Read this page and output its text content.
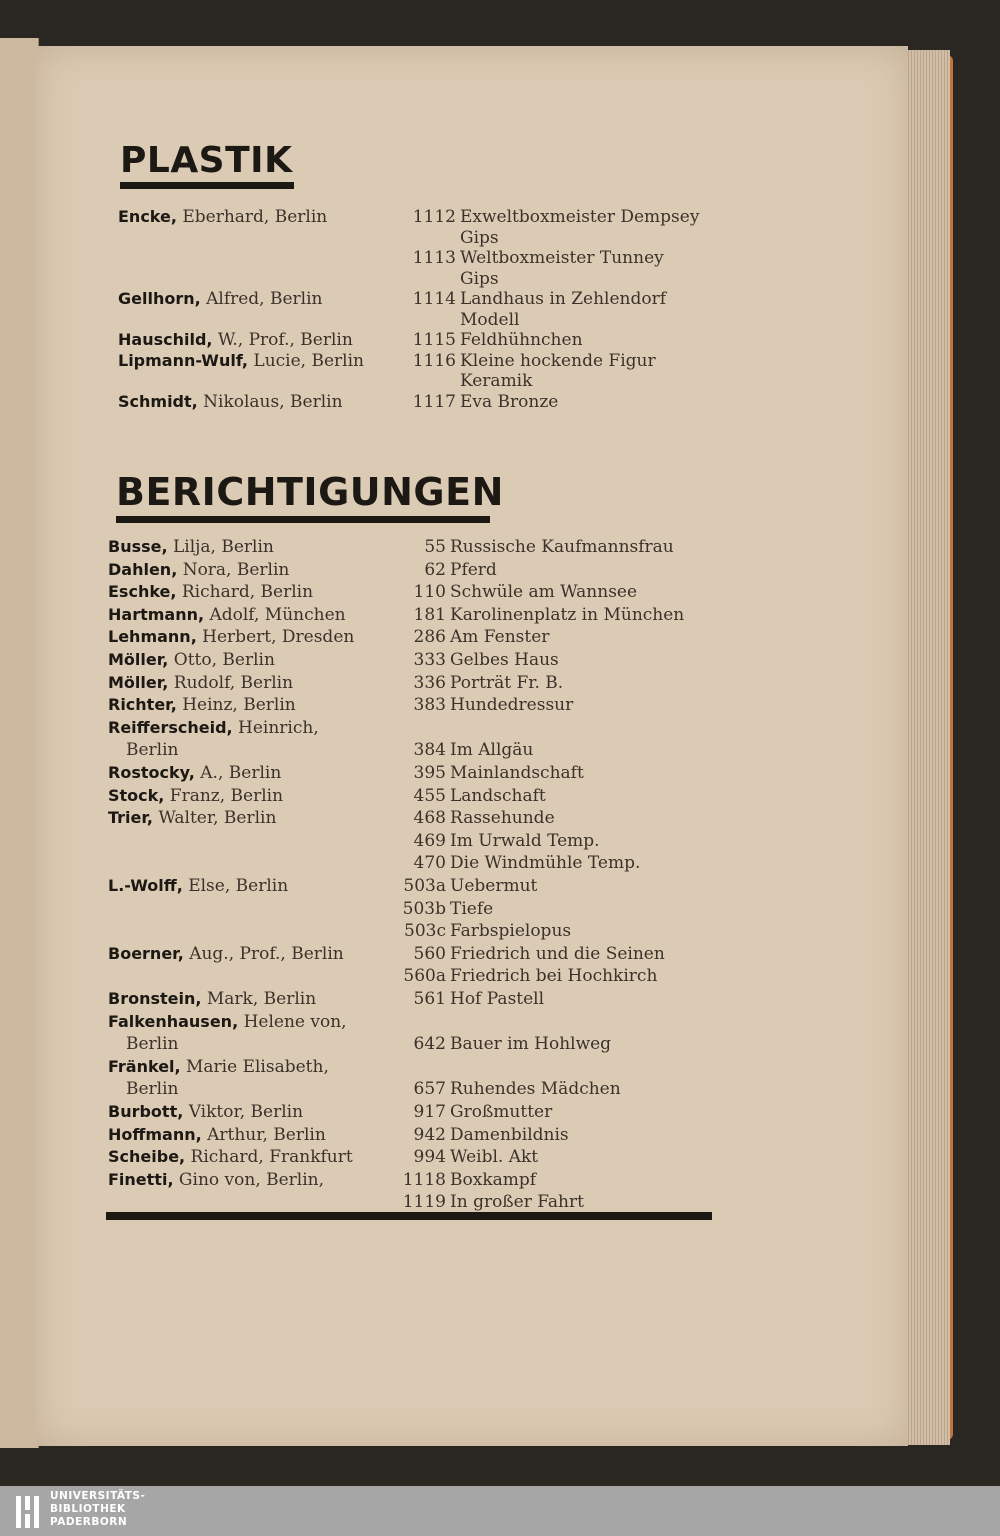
PLASTIK
Encke, Eberhard, Berlin	1112 Exweltboxmeister Dempsey
Gips
1113 Weltboxmeister Tunney
Gips
Gellhorn, Alfred, Berlin	1114 Landhaus in Zehlendorf
Modell
Hauschild, W., Prof., Berlin	1115 Feldhühnchen
Lipmann-Wulf, Lucie, Berlin	1116 Kleine hockende Figur
Keramik
Schmidt, Nikolaus, Berlin	1117 Eva Bronze
BERICHTIGUNGEN
Busse, Lilja, Berlin	55 Russische Kaufmannsfrau
Dahlen, Nora, Berlin	62 Pferd
Eschke, Richard, Berlin	110 Schwüle am Wannsee
Hartmann, Adolf, München	181 Karolinenplatz in München
Lehmann, Herbert, Dresden	286 Am Fenster
Möller, Otto, Berlin	333 Gelbes Haus
Möller, Rudolf, Berlin	336 Porträt Fr. B.
Richter, Heinz, Berlin	383 Hundedressur
Reifferscheid, Heinrich,
Berlin	384 Im Allgäu
Rostocky, A., Berlin	395 Mainlandschaft
Stock, Franz, Berlin	455 Landschaft
Trier, Walter, Berlin	468 Rassehunde
469 Im Urwald Temp.
470 Die Windmühle Temp.
L.-Wolff, Else, Berlin	503a Uebermut
503b Tiefe
503c Farbspielopus
Boerner, Aug., Prof., Berlin	560 Friedrich und die Seinen
560a Friedrich bei Hochkirch
Bronstein, Mark, Berlin	561 Hof Pastell
Falkenhausen, Helene von,
Berlin	642 Bauer im Hohlweg
Fränkel, Marie Elisabeth,
Berlin	657 Ruhendes Mädchen
Burbott, Viktor, Berlin	917 Großmutter
Hoffmann, Arthur, Berlin	942 Damenbildnis
Scheibe, Richard, Frankfurt	994 Weibl. Akt
Finetti, Gino von, Berlin,	1118 Boxkampf
1119 In großer Fahrt
UNIVERSITÄTS-
BIBLIOTHEK
PADERBORN
